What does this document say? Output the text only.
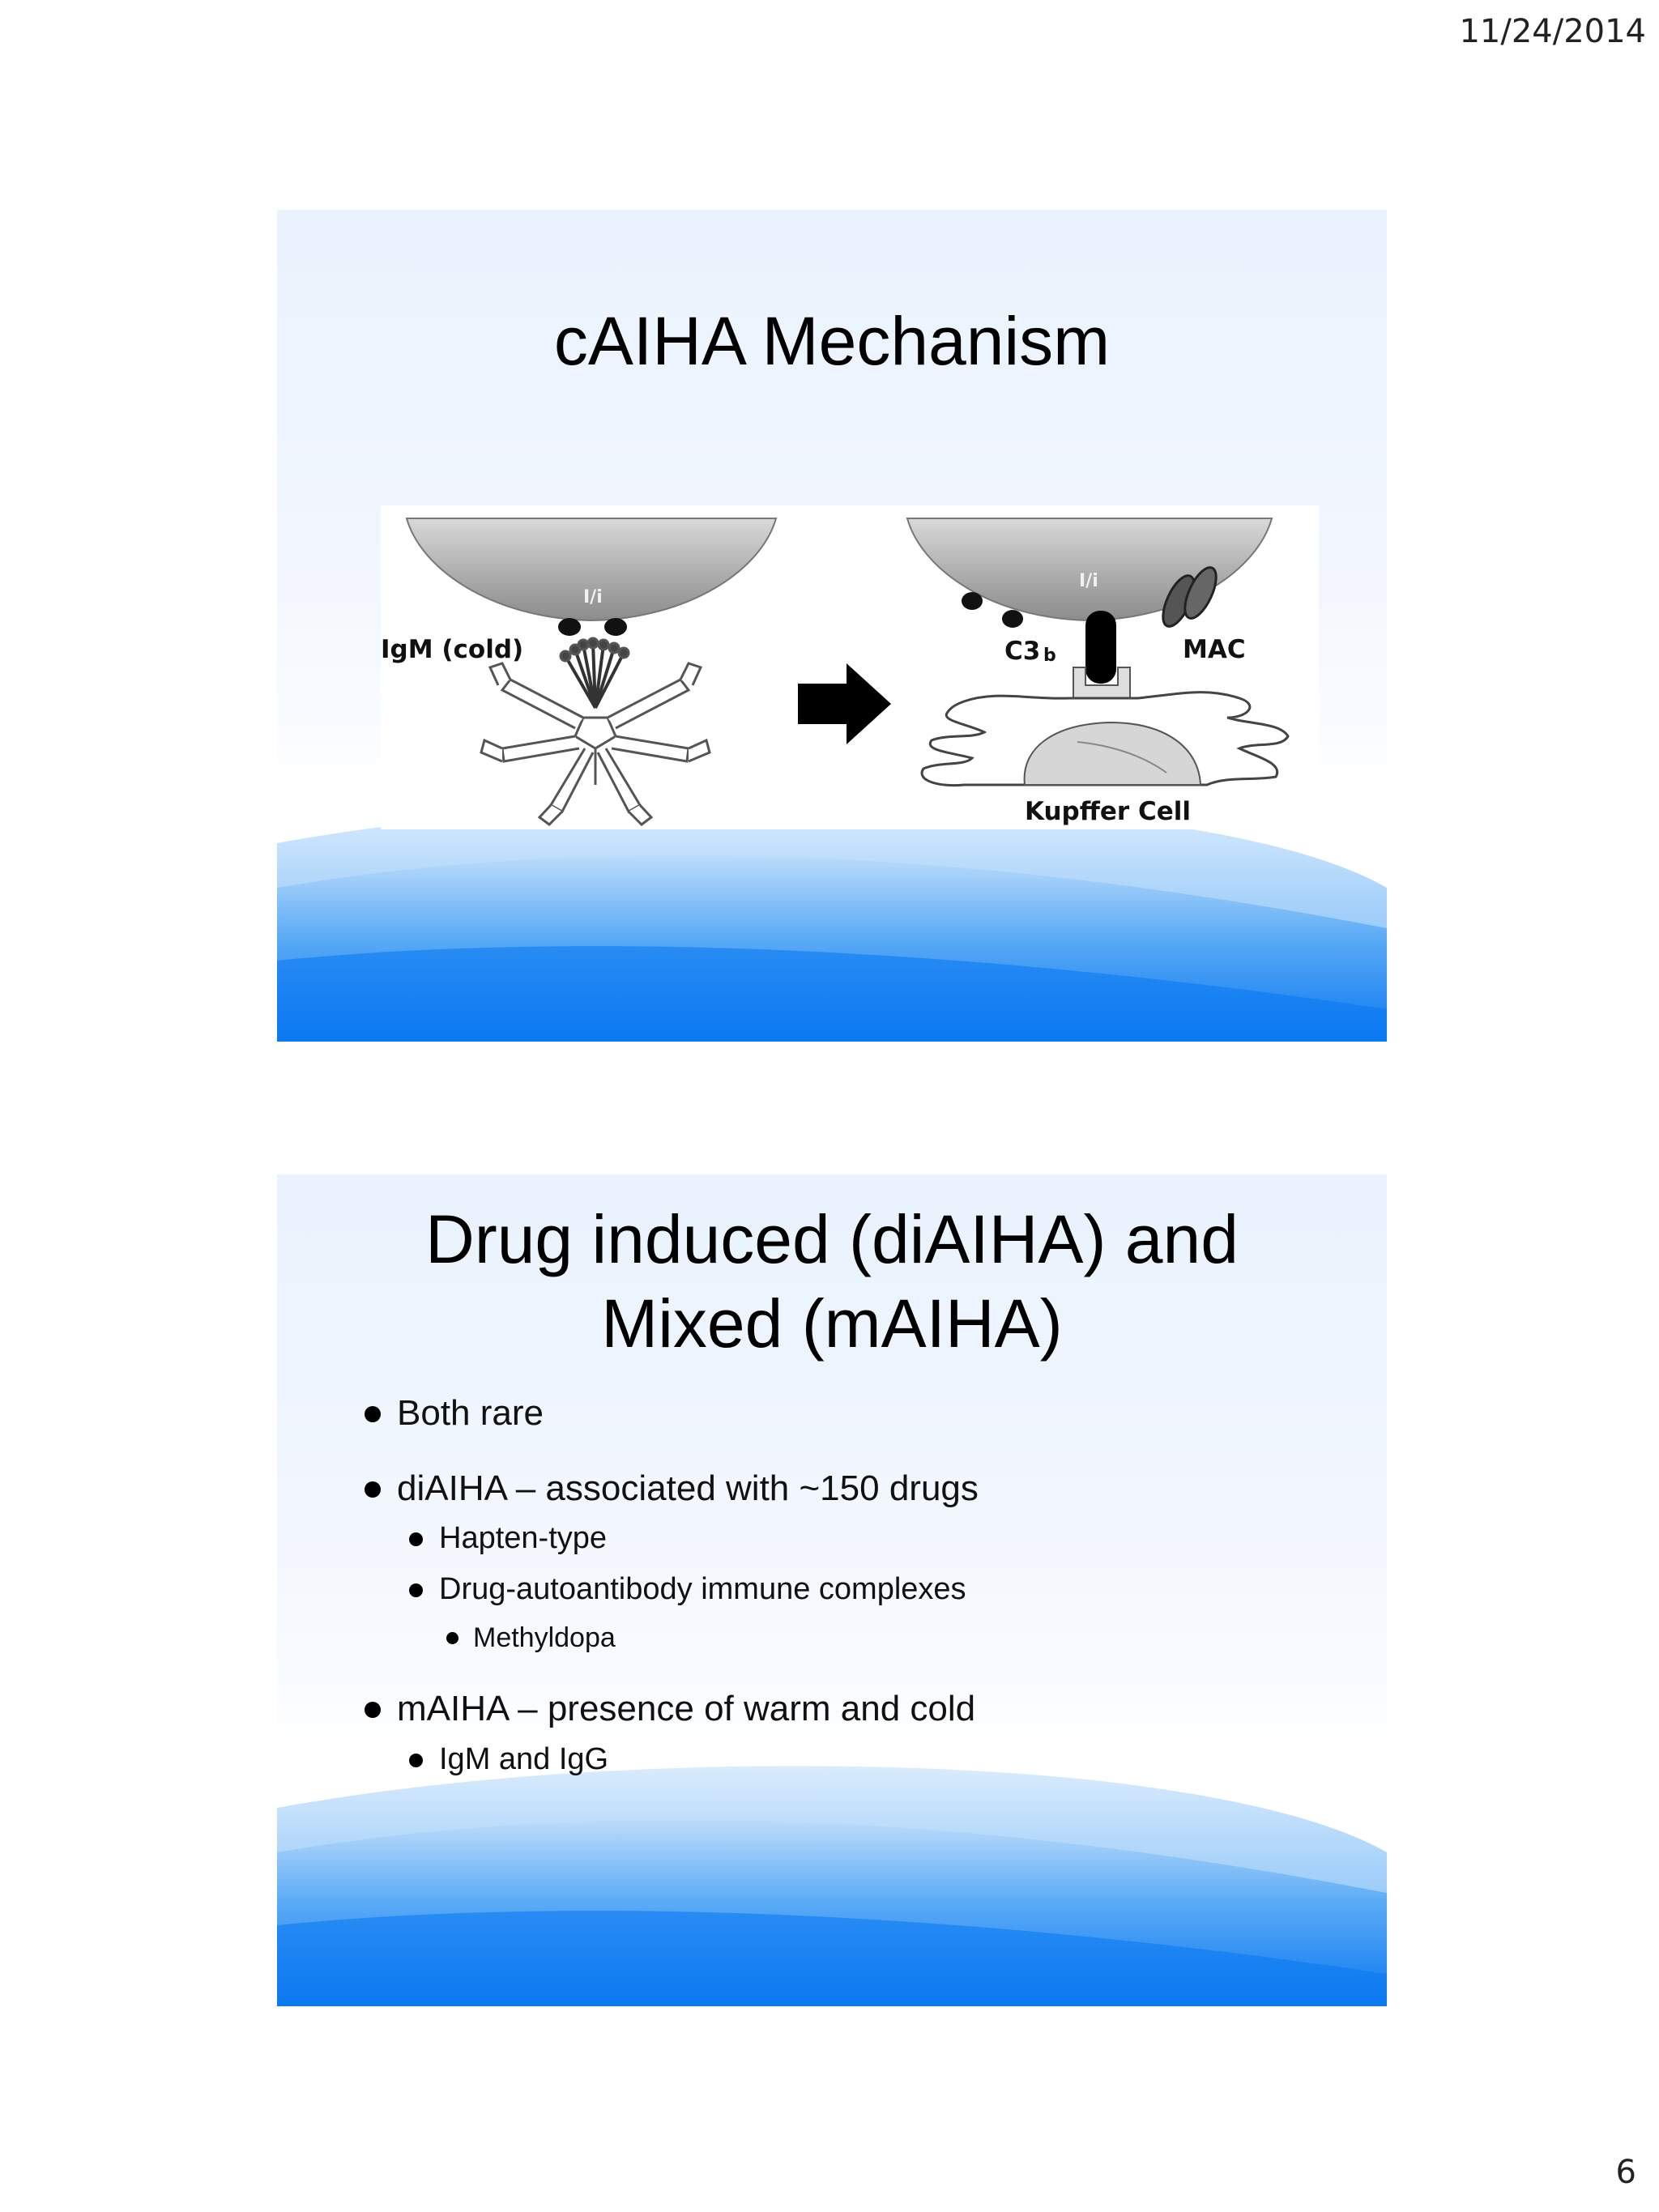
11/24/2014
cAIHA Mechanism
I/i
IgM (cold)
I/i
C3 b	MAC
Kupffer Cell
Drug induced (diAIHA) and
Mixed (mAIHA)
Both rare
diAIHA – associated with ~150 drugs
Hapten-type
Drug-autoantibody immune complexes
Methyldopa
mAIHA – presence of warm and cold
IgM and IgG
6
